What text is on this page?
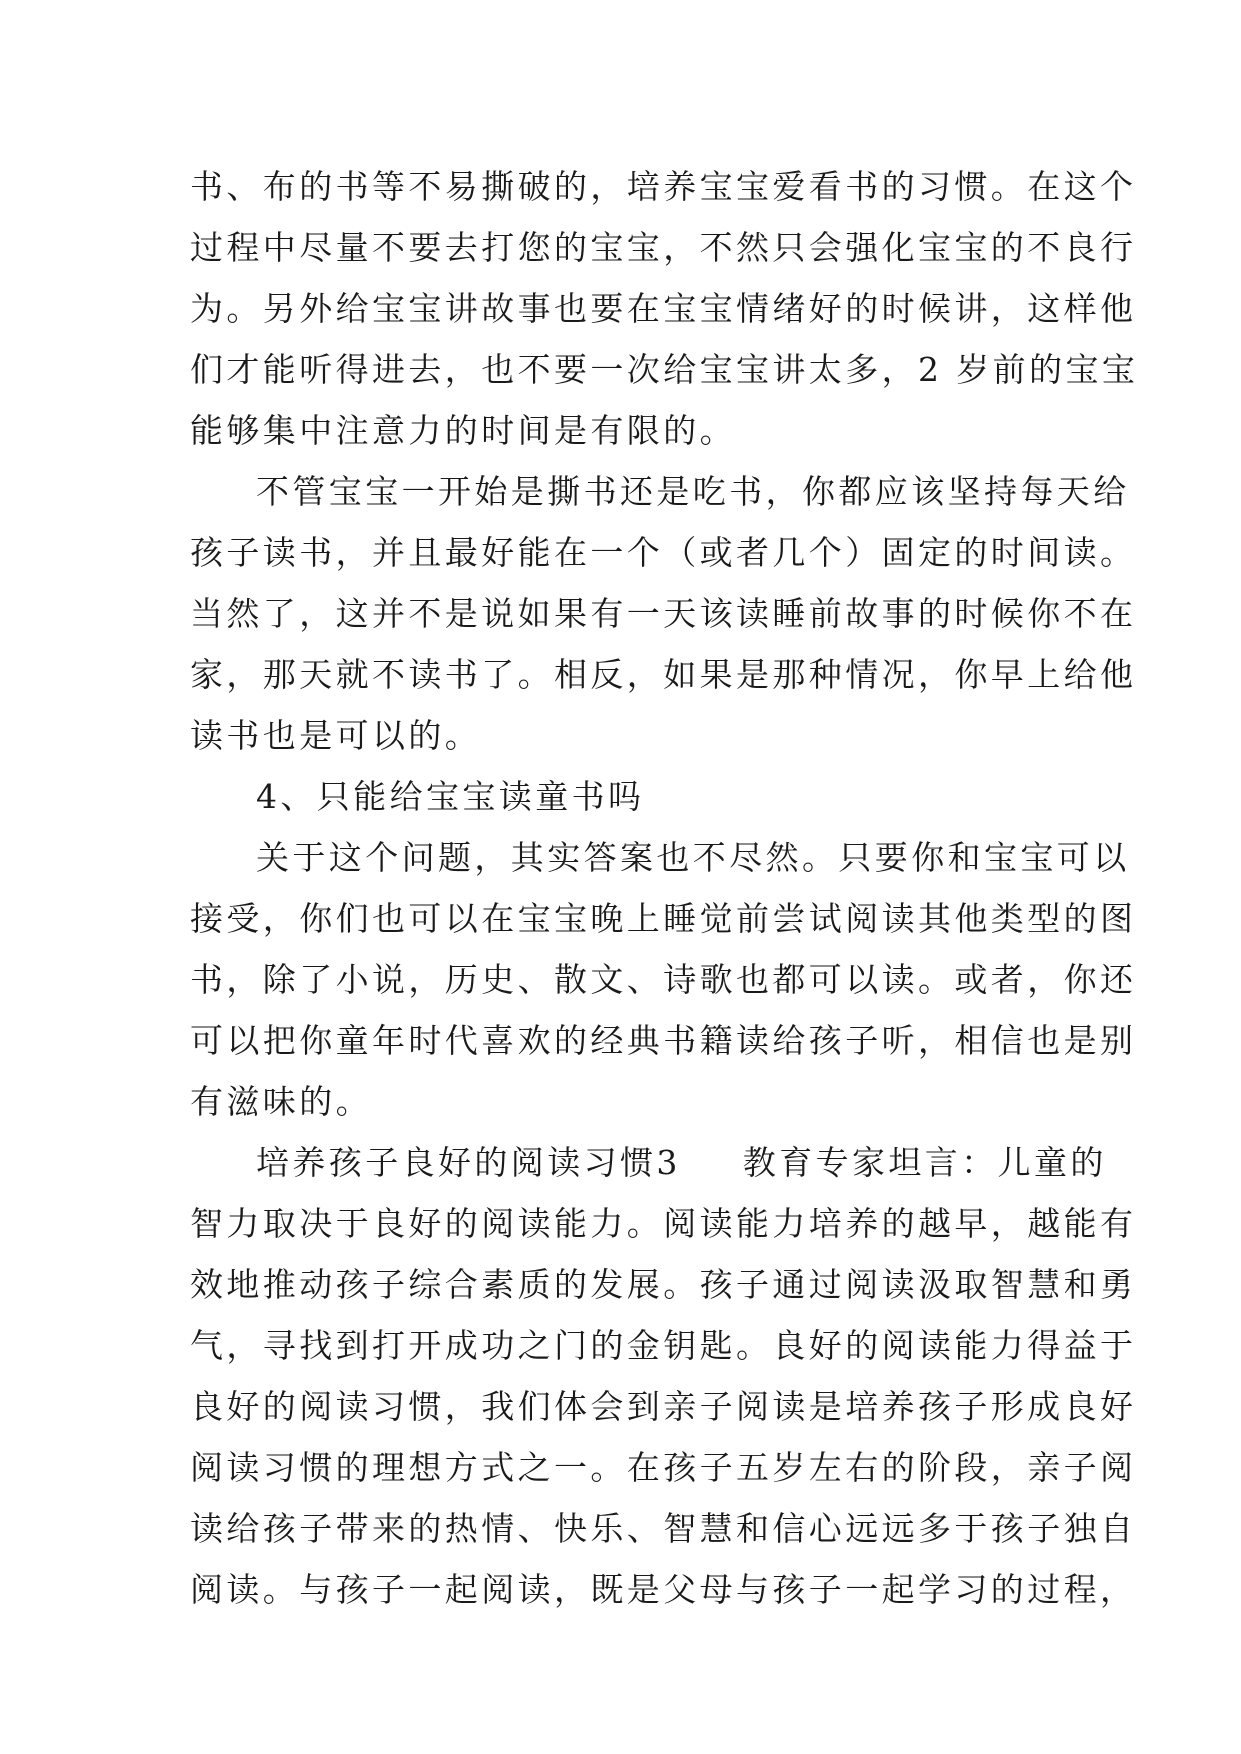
书、布的书等不易撕破的，培养宝宝爱看书的习惯。在这个
过程中尽量不要去打您的宝宝，不然只会强化宝宝的不良行
为。另外给宝宝讲故事也要在宝宝情绪好的时候讲，这样他
们才能听得进去，也不要一次给宝宝讲太多，2 岁前的宝宝
能够集中注意力的时间是有限的。
不管宝宝一开始是撕书还是吃书，你都应该坚持每天给
孩子读书，并且最好能在一个（或者几个）固定的时间读。
当然了，这并不是说如果有一天该读睡前故事的时候你不在
家，那天就不读书了。相反，如果是那种情况，你早上给他
读书也是可以的。
4、只能给宝宝读童书吗
关于这个问题，其实答案也不尽然。只要你和宝宝可以
接受，你们也可以在宝宝晚上睡觉前尝试阅读其他类型的图
书，除了小说，历史、散文、诗歌也都可以读。或者，你还
可以把你童年时代喜欢的经典书籍读给孩子听，相信也是别
有滋味的。
培养孩子良好的阅读习惯3 教育专家坦言：儿童的
智力取决于良好的阅读能力。阅读能力培养的越早，越能有
效地推动孩子综合素质的发展。孩子通过阅读汲取智慧和勇
气，寻找到打开成功之门的金钥匙。良好的阅读能力得益于
良好的阅读习惯，我们体会到亲子阅读是培养孩子形成良好
阅读习惯的理想方式之一。在孩子五岁左右的阶段，亲子阅
读给孩子带来的热情、快乐、智慧和信心远远多于孩子独自
阅读。与孩子一起阅读，既是父母与孩子一起学习的过程，
